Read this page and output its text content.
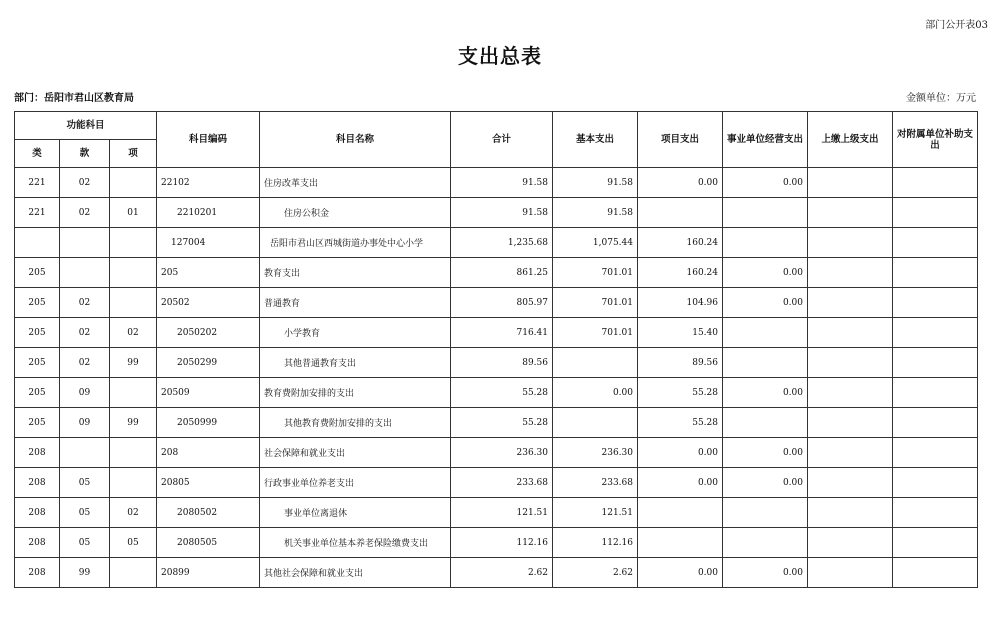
部门公开表03
支出总表
部门：岳阳市君山区教育局	金额单位：万元
功能科目			科目编码	科目名称	合计	基本支出	项目支出	事业单位经营支出	上缴上级支出	对附属单位补助支出
类	款	项								
221	02		22102	住房改革支出	91.58	91.58	0.00	0.00		
221	02	01	2210201	住房公积金	91.58	91.58				
			127004	岳阳市君山区西城街道办事处中心小学	1,235.68	1,075.44	160.24			
205			205	教育支出	861.25	701.01	160.24	0.00		
205	02		20502	普通教育	805.97	701.01	104.96	0.00		
205	02	02	2050202	小学教育	716.41	701.01	15.40			
205	02	99	2050299	其他普通教育支出	89.56		89.56			
205	09		20509	教育费附加安排的支出	55.28	0.00	55.28	0.00		
205	09	99	2050999	其他教育费附加安排的支出	55.28		55.28			
208			208	社会保障和就业支出	236.30	236.30	0.00	0.00		
208	05		20805	行政事业单位养老支出	233.68	233.68	0.00	0.00		
208	05	02	2080502	事业单位离退休	121.51	121.51				
208	05	05	2080505	机关事业单位基本养老保险缴费支出	112.16	112.16				
208	99		20899	其他社会保障和就业支出	2.62	2.62	0.00	0.00		
